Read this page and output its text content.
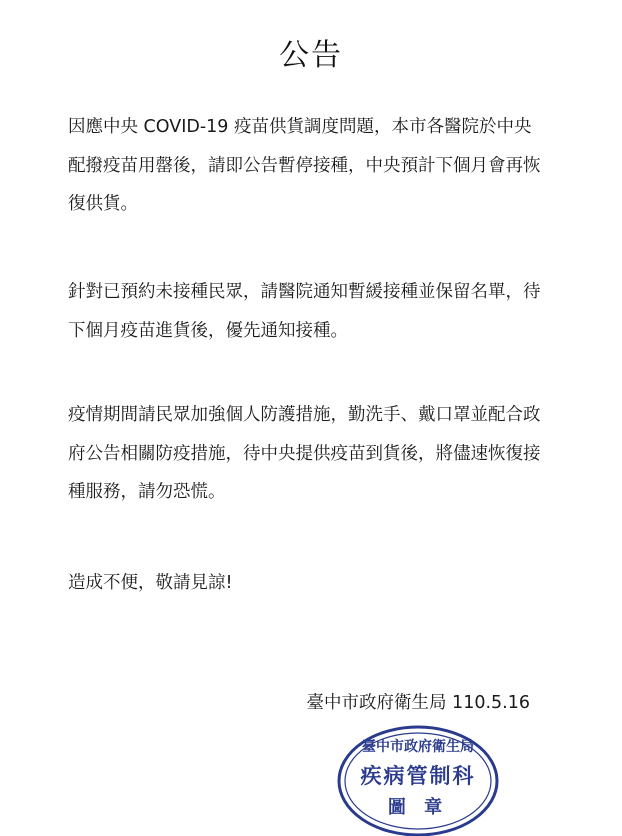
公告
因應中央 COVID-19 疫苗供貨調度問題，本市各醫院於中央配撥疫苗用罄後，請即公告暫停接種，中央預計下個月會再恢復供貨。
針對已預約未接種民眾，請醫院通知暫緩接種並保留名單，待下個月疫苗進貨後，優先通知接種。
疫情期間請民眾加強個人防護措施，勤洗手、戴口罩並配合政府公告相關防疫措施，待中央提供疫苗到貨後，將儘速恢復接種服務，請勿恐慌。
造成不便，敬請見諒!
臺中市政府衛生局 110.5.16
臺中市政府衛生局
疾病管制科
圖 章
